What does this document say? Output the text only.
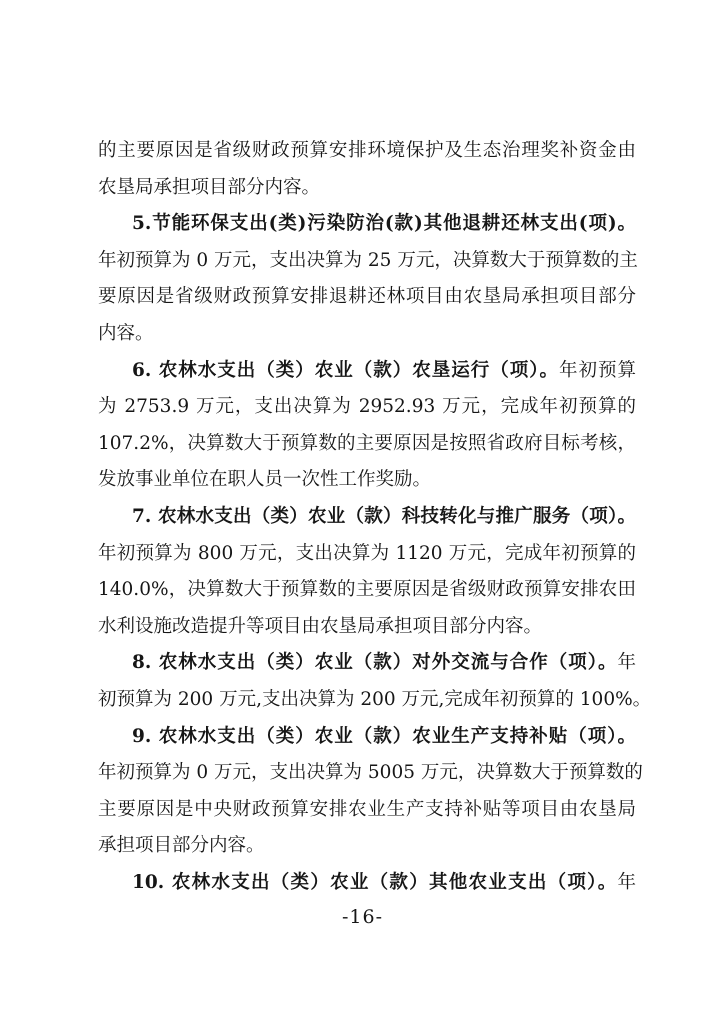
的主要原因是省级财政预算安排环境保护及生态治理奖补资金由
农垦局承担项目部分内容。
5.节能环保支出(类)污染防治(款)其他退耕还林支出(项)。
年初预算为 0 万元，支出决算为 25 万元，决算数大于预算数的主
要原因是省级财政预算安排退耕还林项目由农垦局承担项目部分
内容。
6. 农林水支出（类）农业（款）农垦运行（项）。年初预算
为 2753.9 万元，支出决算为 2952.93 万元，完成年初预算的
107.2%，决算数大于预算数的主要原因是按照省政府目标考核，
发放事业单位在职人员一次性工作奖励。
7. 农林水支出（类）农业（款）科技转化与推广服务（项）。
年初预算为 800 万元，支出决算为 1120 万元，完成年初预算的
140.0%，决算数大于预算数的主要原因是省级财政预算安排农田
水利设施改造提升等项目由农垦局承担项目部分内容。
8. 农林水支出（类）农业（款）对外交流与合作（项）。年
初预算为 200 万元,支出决算为 200 万元,完成年初预算的 100%。
9. 农林水支出（类）农业（款）农业生产支持补贴（项）。
年初预算为 0 万元，支出决算为 5005 万元，决算数大于预算数的
主要原因是中央财政预算安排农业生产支持补贴等项目由农垦局
承担项目部分内容。
10. 农林水支出（类）农业（款）其他农业支出（项）。年
-16-
